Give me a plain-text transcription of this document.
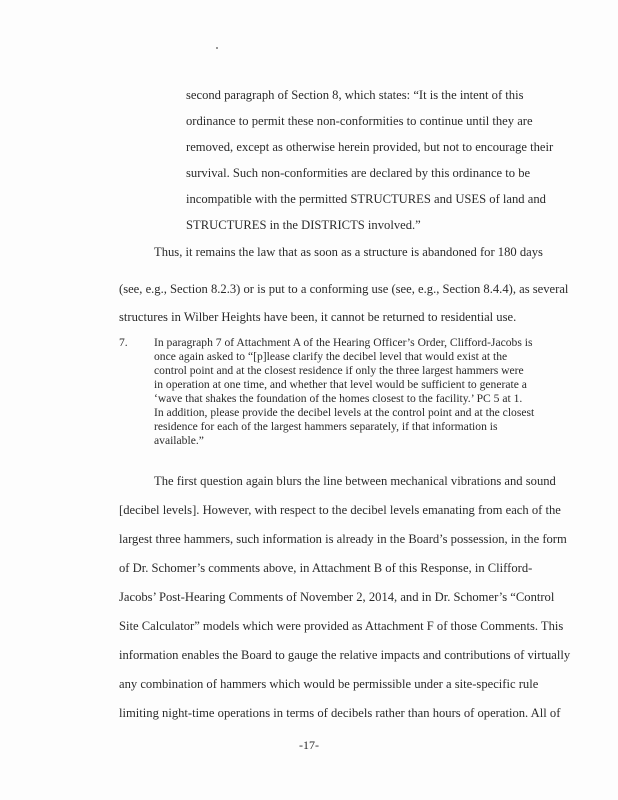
second paragraph of Section 8, which states: “It is the intent of this

ordinance to permit these non-conformities to continue until they are

removed, except as otherwise herein provided, but not to encourage their

survival. Such non-conformities are declared by this ordinance to be

incompatible with the permitted STRUCTURES and USES of land and

STRUCTURES in the DISTRICTS involved.”

Thus, it remains the law that as soon as a structure is abandoned for 180 days

(see, e.g., Section 8.2.3) or is put to a conforming use (see, e.g., Section 8.4.4), as several

structures in Wilber Heights have been, it cannot be returned to residential use.

7. In paragraph 7 of Attachment A of the Hearing Officer’s Order, Clifford-Jacobs is

once again asked to “[p]lease clarify the decibel level that would exist at the

control point and at the closest residence if only the three largest hammers were

in operation at one time, and whether that level would be sufficient to generate a

‘wave that shakes the foundation of the homes closest to the facility.’ PC 5 at 1.

In addition, please provide the decibel levels at the control point and at the closest

residence for each of the largest hammers separately, if that information is

available.”

The first question again blurs the line between mechanical vibrations and sound

[decibel levels]. However, with respect to the decibel levels emanating from each of the

largest three hammers, such information is already in the Board’s possession, in the form

of Dr. Schomer’s comments above, in Attachment B of this Response, in Clifford-

Jacobs’ Post-Hearing Comments of November 2, 2014, and in Dr. Schomer’s “Control

Site Calculator” models which were provided as Attachment F of those Comments. This

information enables the Board to gauge the relative impacts and contributions of virtually

any combination of hammers which would be permissible under a site-specific rule

limiting night-time operations in terms of decibels rather than hours of operation. All of

-17-
